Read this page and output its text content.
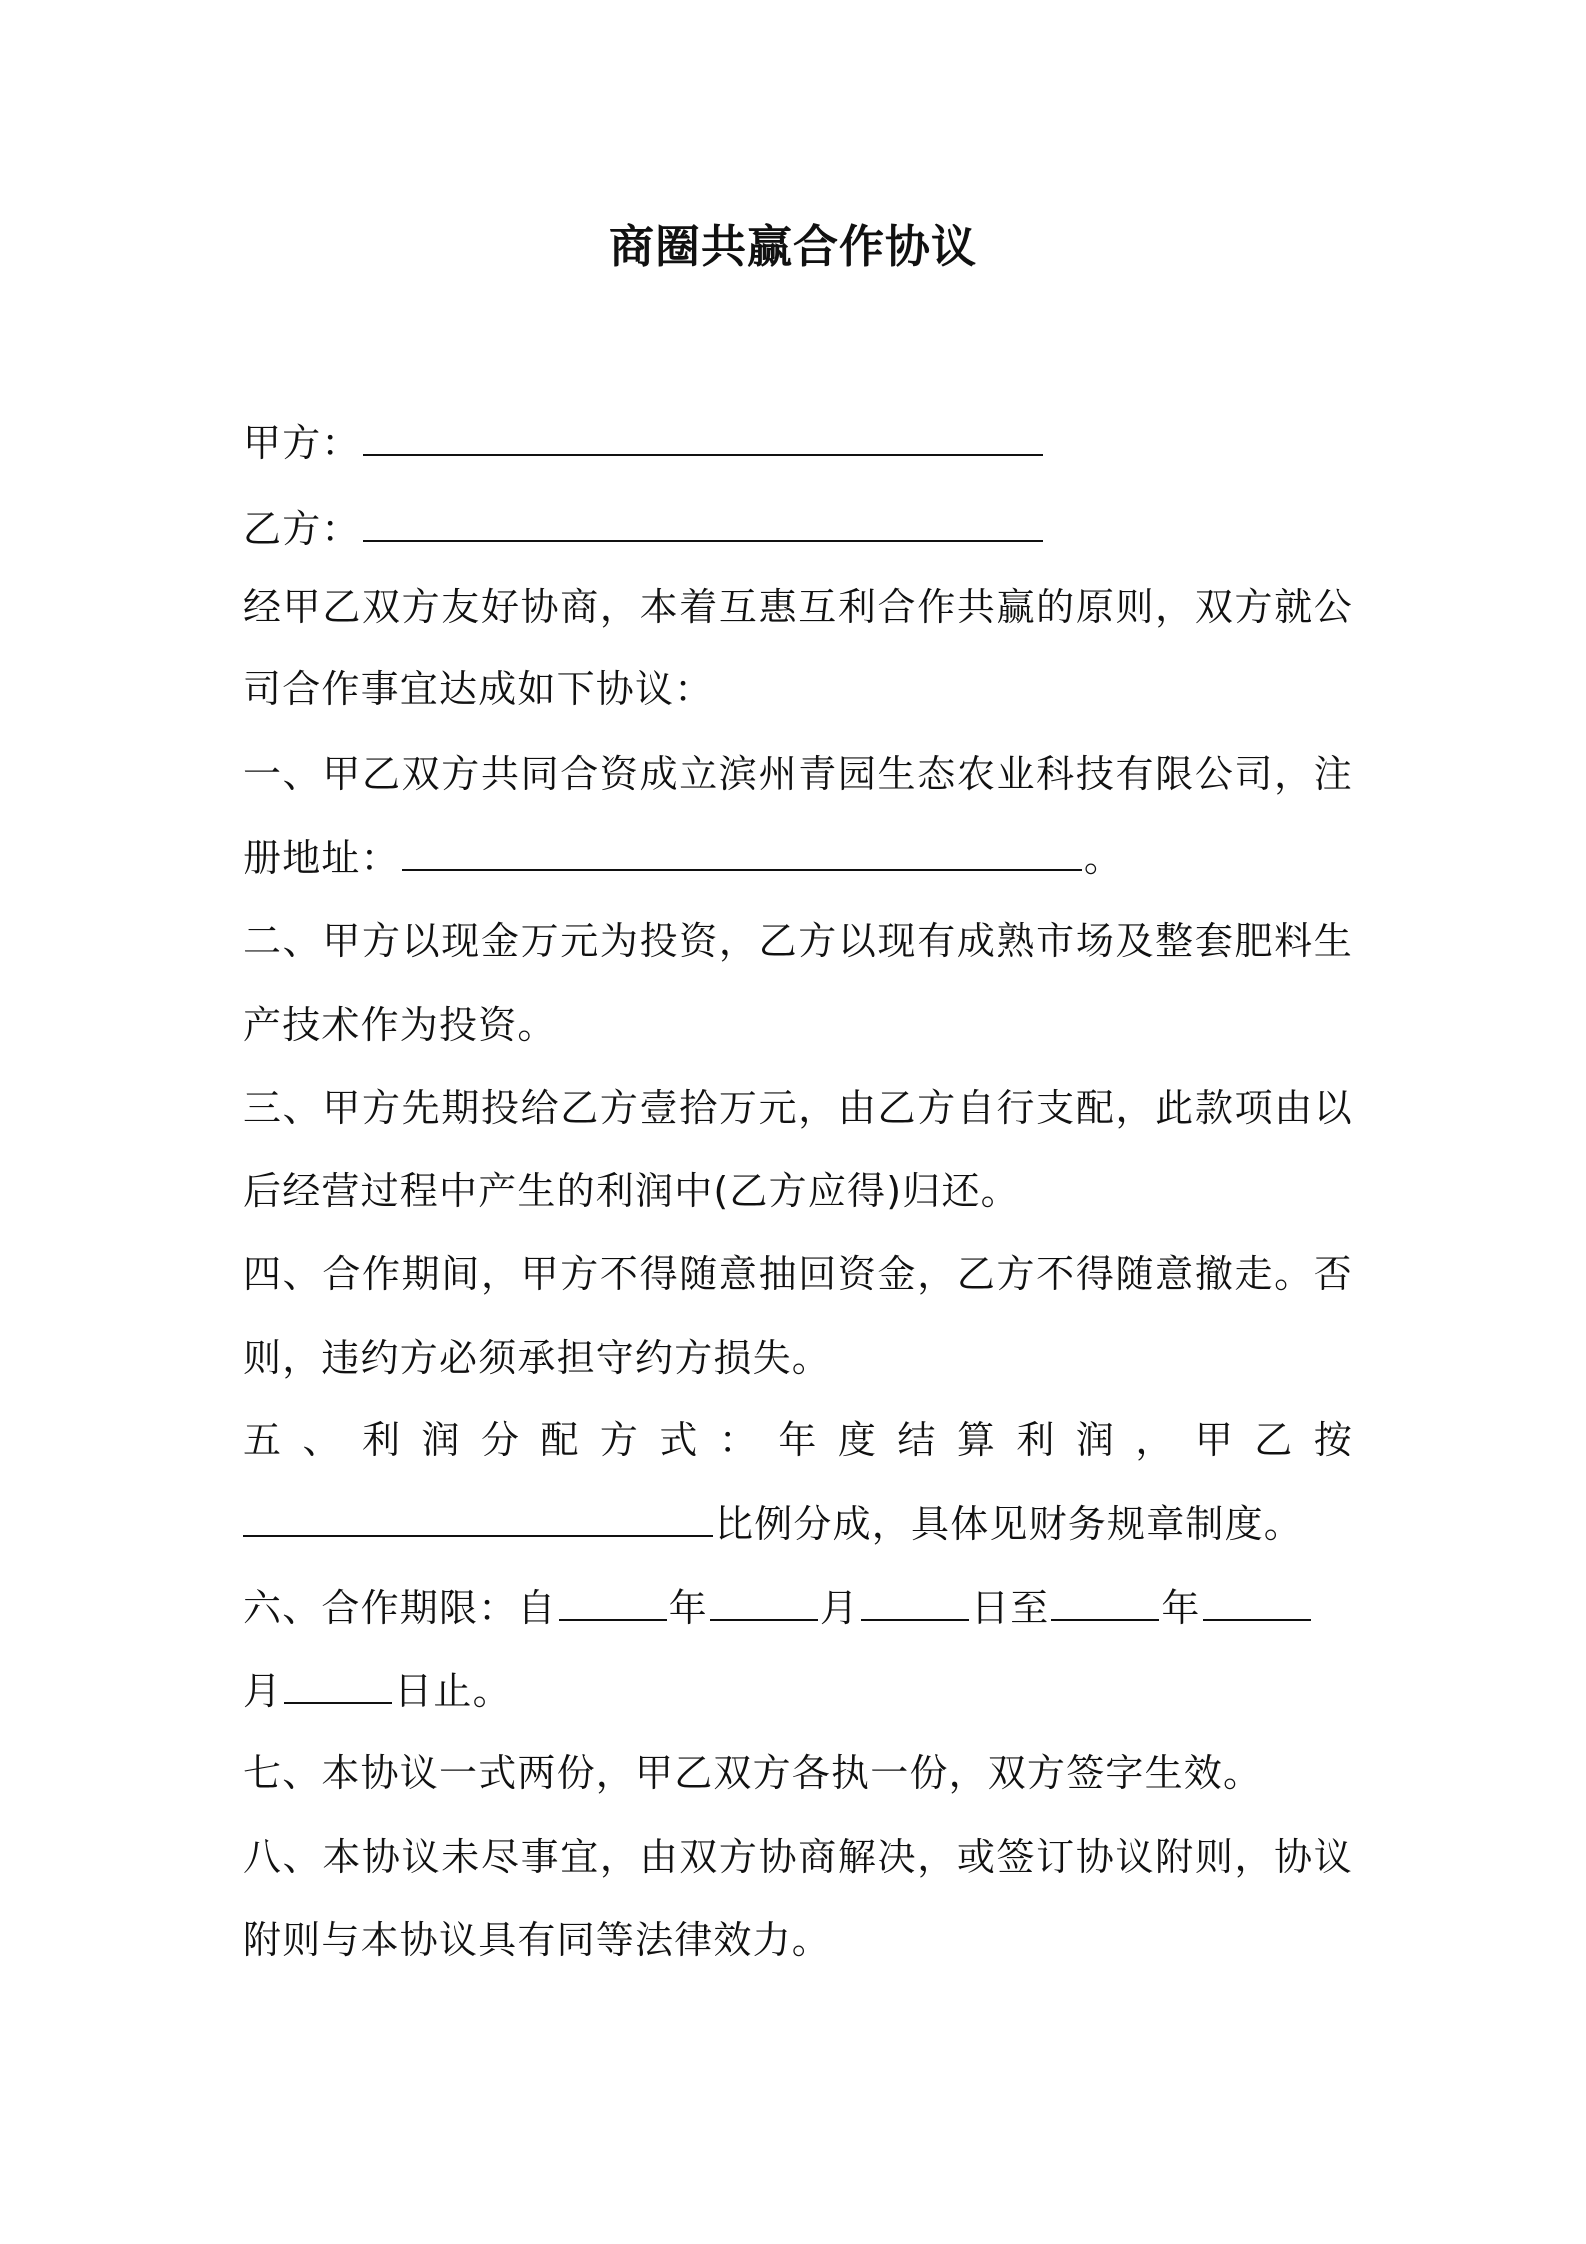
商圈共赢合作协议
甲方：
乙方：
经甲乙双方友好协商，本着互惠互利合作共赢的原则，双方就公
司合作事宜达成如下协议：
一、甲乙双方共同合资成立滨州青园生态农业科技有限公司，注
册地址：	。
二、甲方以现金万元为投资，乙方以现有成熟市场及整套肥料生
产技术作为投资。
三、甲方先期投给乙方壹拾万元，由乙方自行支配，此款项由以
后经营过程中产生的利润中(乙方应得)归还。
四、合作期间，甲方不得随意抽回资金，乙方不得随意撤走。否
则，违约方必须承担守约方损失。
五、利润分配方式：年度结算利润，甲乙按
比例分成，具体见财务规章制度。
六、合作期限：自	年	月	日至	年
月	日止。
七、本协议一式两份，甲乙双方各执一份，双方签字生效。
八、本协议未尽事宜，由双方协商解决，或签订协议附则，协议
附则与本协议具有同等法律效力。
